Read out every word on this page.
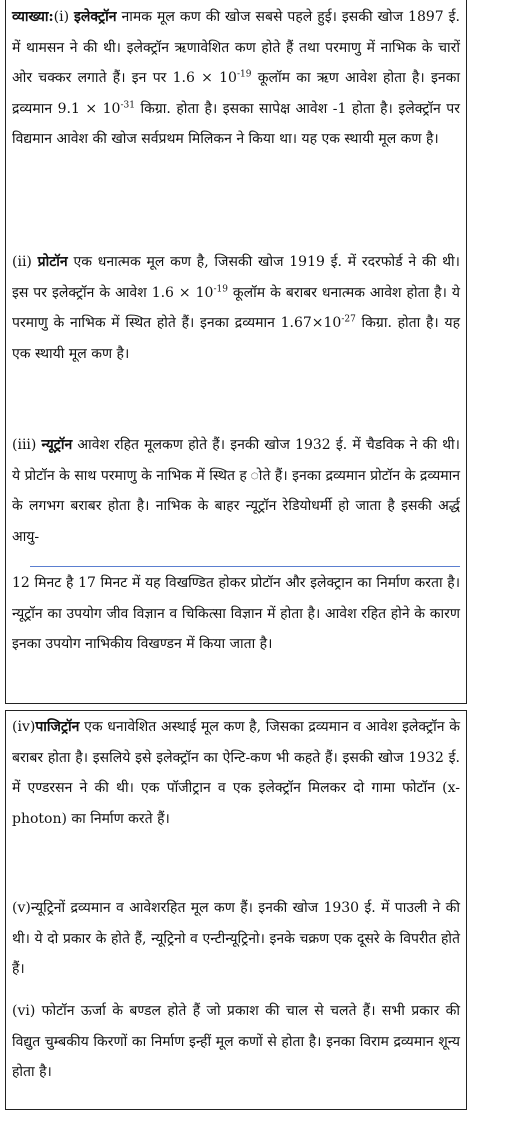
व्याख्या:(i) इलेक्ट्रॉन नामक मूल कण की खोज सबसे पहले हुई। इसकी खोज 1897 ई. में थामसन ने की थी। इलेक्ट्रॉन ऋणावेशित कण होते हैं तथा परमाणु में नाभिक के चारों ओर चक्कर लगाते हैं। इन पर $1.6 \times 10^{-19}$ कूलॉम का ऋण आवेश होता है। इनका द्रव्यमान $9.1 \times 10^{-31}$ किग्रा. होता है। इसका सापेक्ष आवेश -1 होता है। इलेक्ट्रॉन पर विद्यमान आवेश की खोज सर्वप्रथम मिलिकन ने किया था। यह एक स्थायी मूल कण है।

(ii) प्रोटॉन एक धनात्मक मूल कण है, जिसकी खोज 1919 ई. में रदरफोर्ड ने की थी। इस पर इलेक्ट्रॉन के आवेश $1.6 \times 10^{-19}$ कूलॉम के बराबर धनात्मक आवेश होता है। ये परमाणु के नाभिक में स्थित होते हैं। इनका द्रव्यमान $1.67\times 10^{-27}$ किग्रा. होता है। यह एक स्थायी मूल कण है।

(iii) न्यूट्रॉन आवेश रहित मूलकण होते हैं। इनकी खोज 1932 ई. में चैडविक ने की थी। ये प्रोटॉन के साथ परमाणु के नाभिक में स्थित ह ोते हैं। इनका द्रव्यमान प्रोटॉन के द्रव्यमान के लगभग बराबर होता है। नाभिक के बाहर न्यूट्रॉन रेडियोधर्मी हो जाता है इसकी अर्द्ध आयु-

12 मिनट है 17 मिनट में यह विखण्डित होकर प्रोटॉन और इलेक्ट्रान का निर्माण करता है। न्यूट्रॉन का उपयोग जीव विज्ञान व चिकित्सा विज्ञान में होता है। आवेश रहित होने के कारण इनका उपयोग नाभिकीय विखण्डन में किया जाता है।

(iv)पाजिट्रॉन एक धनावेशित अस्थाई मूल कण है, जिसका द्रव्यमान व आवेश इलेक्ट्रॉन के बराबर होता है। इसलिये इसे इलेक्ट्रॉन का ऐन्टि-कण भी कहते हैं। इसकी खोज 1932 ई. में एण्डरसन ने की थी। एक पॉजीट्रान व एक इलेक्ट्रॉन मिलकर दो गामा फोटॉन (x-photon) का निर्माण करते हैं।

(v)न्यूट्रिनों द्रव्यमान व आवेशरहित मूल कण हैं। इनकी खोज 1930 ई. में पाउली ने की थी। ये दो प्रकार के होते हैं, न्यूट्रिनो व एन्टीन्यूट्रिनो। इनके चक्रण एक दूसरे के विपरीत होते हैं।

(vi) फोटॉन ऊर्जा के बण्डल होते हैं जो प्रकाश की चाल से चलते हैं। सभी प्रकार की विद्युत चुम्बकीय किरणों का निर्माण इन्हीं मूल कणों से होता है। इनका विराम द्रव्यमान शून्य होता है।
